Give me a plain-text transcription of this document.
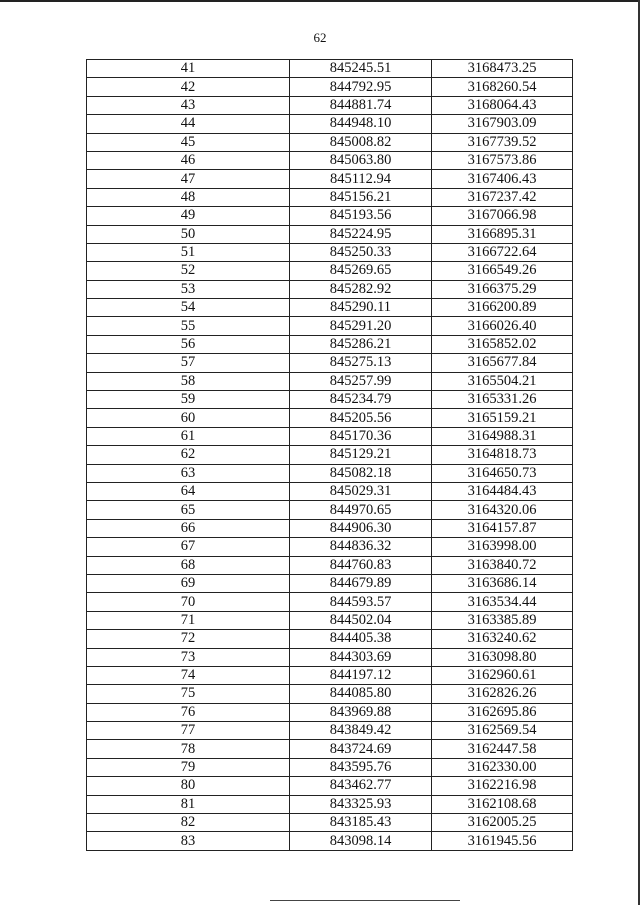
62
41	845245.51	3168473.25
42	844792.95	3168260.54
43	844881.74	3168064.43
44	844948.10	3167903.09
45	845008.82	3167739.52
46	845063.80	3167573.86
47	845112.94	3167406.43
48	845156.21	3167237.42
49	845193.56	3167066.98
50	845224.95	3166895.31
51	845250.33	3166722.64
52	845269.65	3166549.26
53	845282.92	3166375.29
54	845290.11	3166200.89
55	845291.20	3166026.40
56	845286.21	3165852.02
57	845275.13	3165677.84
58	845257.99	3165504.21
59	845234.79	3165331.26
60	845205.56	3165159.21
61	845170.36	3164988.31
62	845129.21	3164818.73
63	845082.18	3164650.73
64	845029.31	3164484.43
65	844970.65	3164320.06
66	844906.30	3164157.87
67	844836.32	3163998.00
68	844760.83	3163840.72
69	844679.89	3163686.14
70	844593.57	3163534.44
71	844502.04	3163385.89
72	844405.38	3163240.62
73	844303.69	3163098.80
74	844197.12	3162960.61
75	844085.80	3162826.26
76	843969.88	3162695.86
77	843849.42	3162569.54
78	843724.69	3162447.58
79	843595.76	3162330.00
80	843462.77	3162216.98
81	843325.93	3162108.68
82	843185.43	3162005.25
83	843098.14	3161945.56
